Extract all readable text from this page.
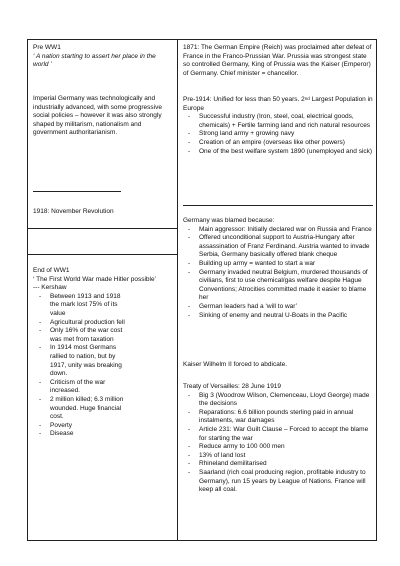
Pre WW1

‘ A nation starting to assert her place in the world ’

Imperial Germany was technologically and industrially advanced, with some progressive social policies – however it was also strongly shaped by militarism, nationalism and government authoritarianism.

1918: November Revolution

End of WW1

‘ The First World War made Hitler possible’

--- Kershaw

- Between 1913 and 1918 the mark lost 75% of its value
- Agricultural production fell
- Only 16% of the war cost was met from taxation
- In 1914 most Germans rallied to nation, but by 1917, unity was breaking down.
- Criticism of the war increased.
- 2 million killed; 6.3 million wounded. Huge financial cost.
- Poverty
- Disease

1871: The German Empire (Reich) was proclaimed after defeat of France in the Franco-Prussian War. Prussia was strongest state so controlled Germany, King of Prussia was the Kaiser (Emperor) of Germany. Chief minister = chancellor.

Pre-1914: Unified for less than 50 years. 2nd Largest Population in Europe

- Successful industry (Iron, steel, coal, electrical goods, chemicals) + Fertile farming land and rich natural resources
- Strong land army + growing navy
- Creation of an empire (overseas like other powers)
- One of the best welfare system 1890 (unemployed and sick)

Germany was blamed because:

- Main aggressor: Initially declared war on Russia and France
- Offered unconditional support to Austria-Hungary after assassination of Franz Ferdinand. Austria wanted to invade Serbia, Germany basically offered blank cheque
- Building up army = wanted to start a war
- Germany invaded neutral Belgium, murdered thousands of civilians, first to use chemical/gas welfare despite Hague Conventions; Atrocities committed made it easier to blame her
- German leaders had a ‘will to war’
- Sinking of enemy and neutral U-Boats in the Pacific

Kaiser Wilhelm II forced to abdicate.

Treaty of Versailles: 28 June 1919

- Big 3 (Woodrow Wilson, Clemenceau, Lloyd George) made the decisions
- Reparations: 6.6 billion pounds sterling paid in annual instalments, war damages
- Article 231: War Guilt Clause – Forced to accept the blame for starting the war
- Reduce army to 100 000 men
- 13% of land lost
- Rhineland demilitarised
- Saarland (rich coal producing region, profitable industry to Germany), run 15 years by League of Nations. France will keep all coal.
